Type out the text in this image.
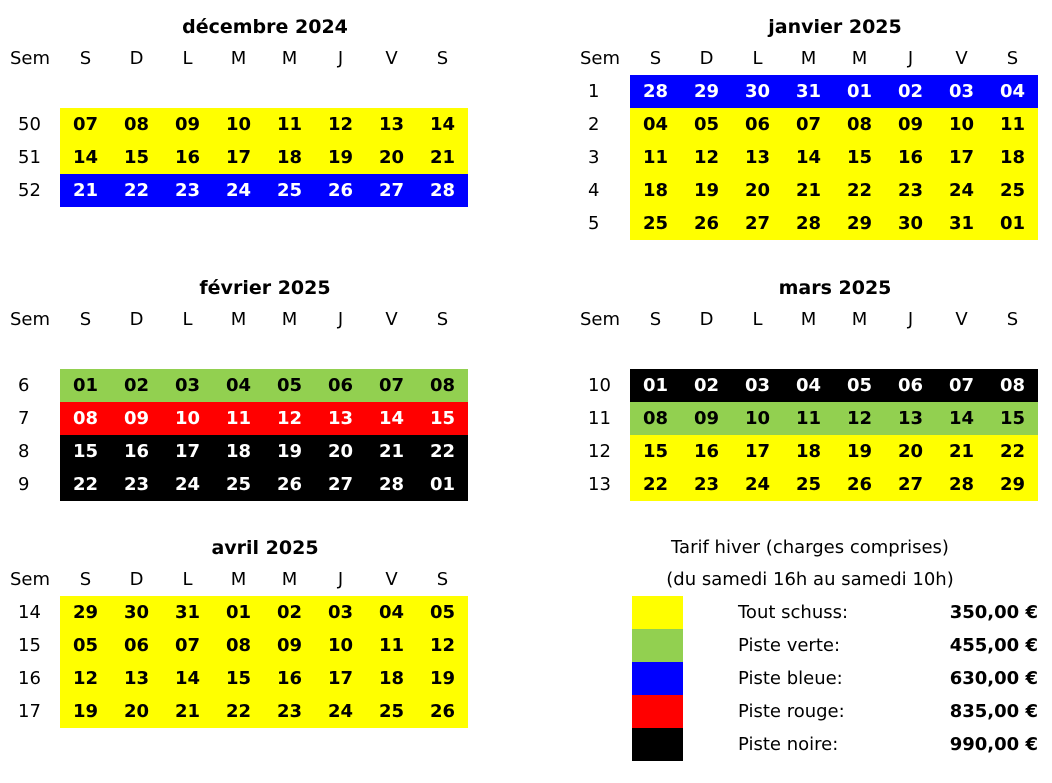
décembre 2024
Sem	S	D	L	M	M	J	V	S
50	07	08	09	10	11	12	13	14
51	14	15	16	17	18	19	20	21
52	21	22	23	24	25	26	27	28
janvier 2025
Sem	S	D	L	M	M	J	V	S
1	28	29	30	31	01	02	03	04
2	04	05	06	07	08	09	10	11
3	11	12	13	14	15	16	17	18
4	18	19	20	21	22	23	24	25
5	25	26	27	28	29	30	31	01
février 2025
Sem	S	D	L	M	M	J	V	S
6	01	02	03	04	05	06	07	08
7	08	09	10	11	12	13	14	15
8	15	16	17	18	19	20	21	22
9	22	23	24	25	26	27	28	01
mars 2025
Sem	S	D	L	M	M	J	V	S
10	01	02	03	04	05	06	07	08
11	08	09	10	11	12	13	14	15
12	15	16	17	18	19	20	21	22
13	22	23	24	25	26	27	28	29
avril 2025
Sem	S	D	L	M	M	J	V	S
14	29	30	31	01	02	03	04	05
15	05	06	07	08	09	10	11	12
16	12	13	14	15	16	17	18	19
17	19	20	21	22	23	24	25	26
Tarif hiver (charges comprises)
(du samedi 16h au samedi 10h)
Tout schuss:	350,00 €
Piste verte:	455,00 €
Piste bleue:	630,00 €
Piste rouge:	835,00 €
Piste noire:	990,00 €
